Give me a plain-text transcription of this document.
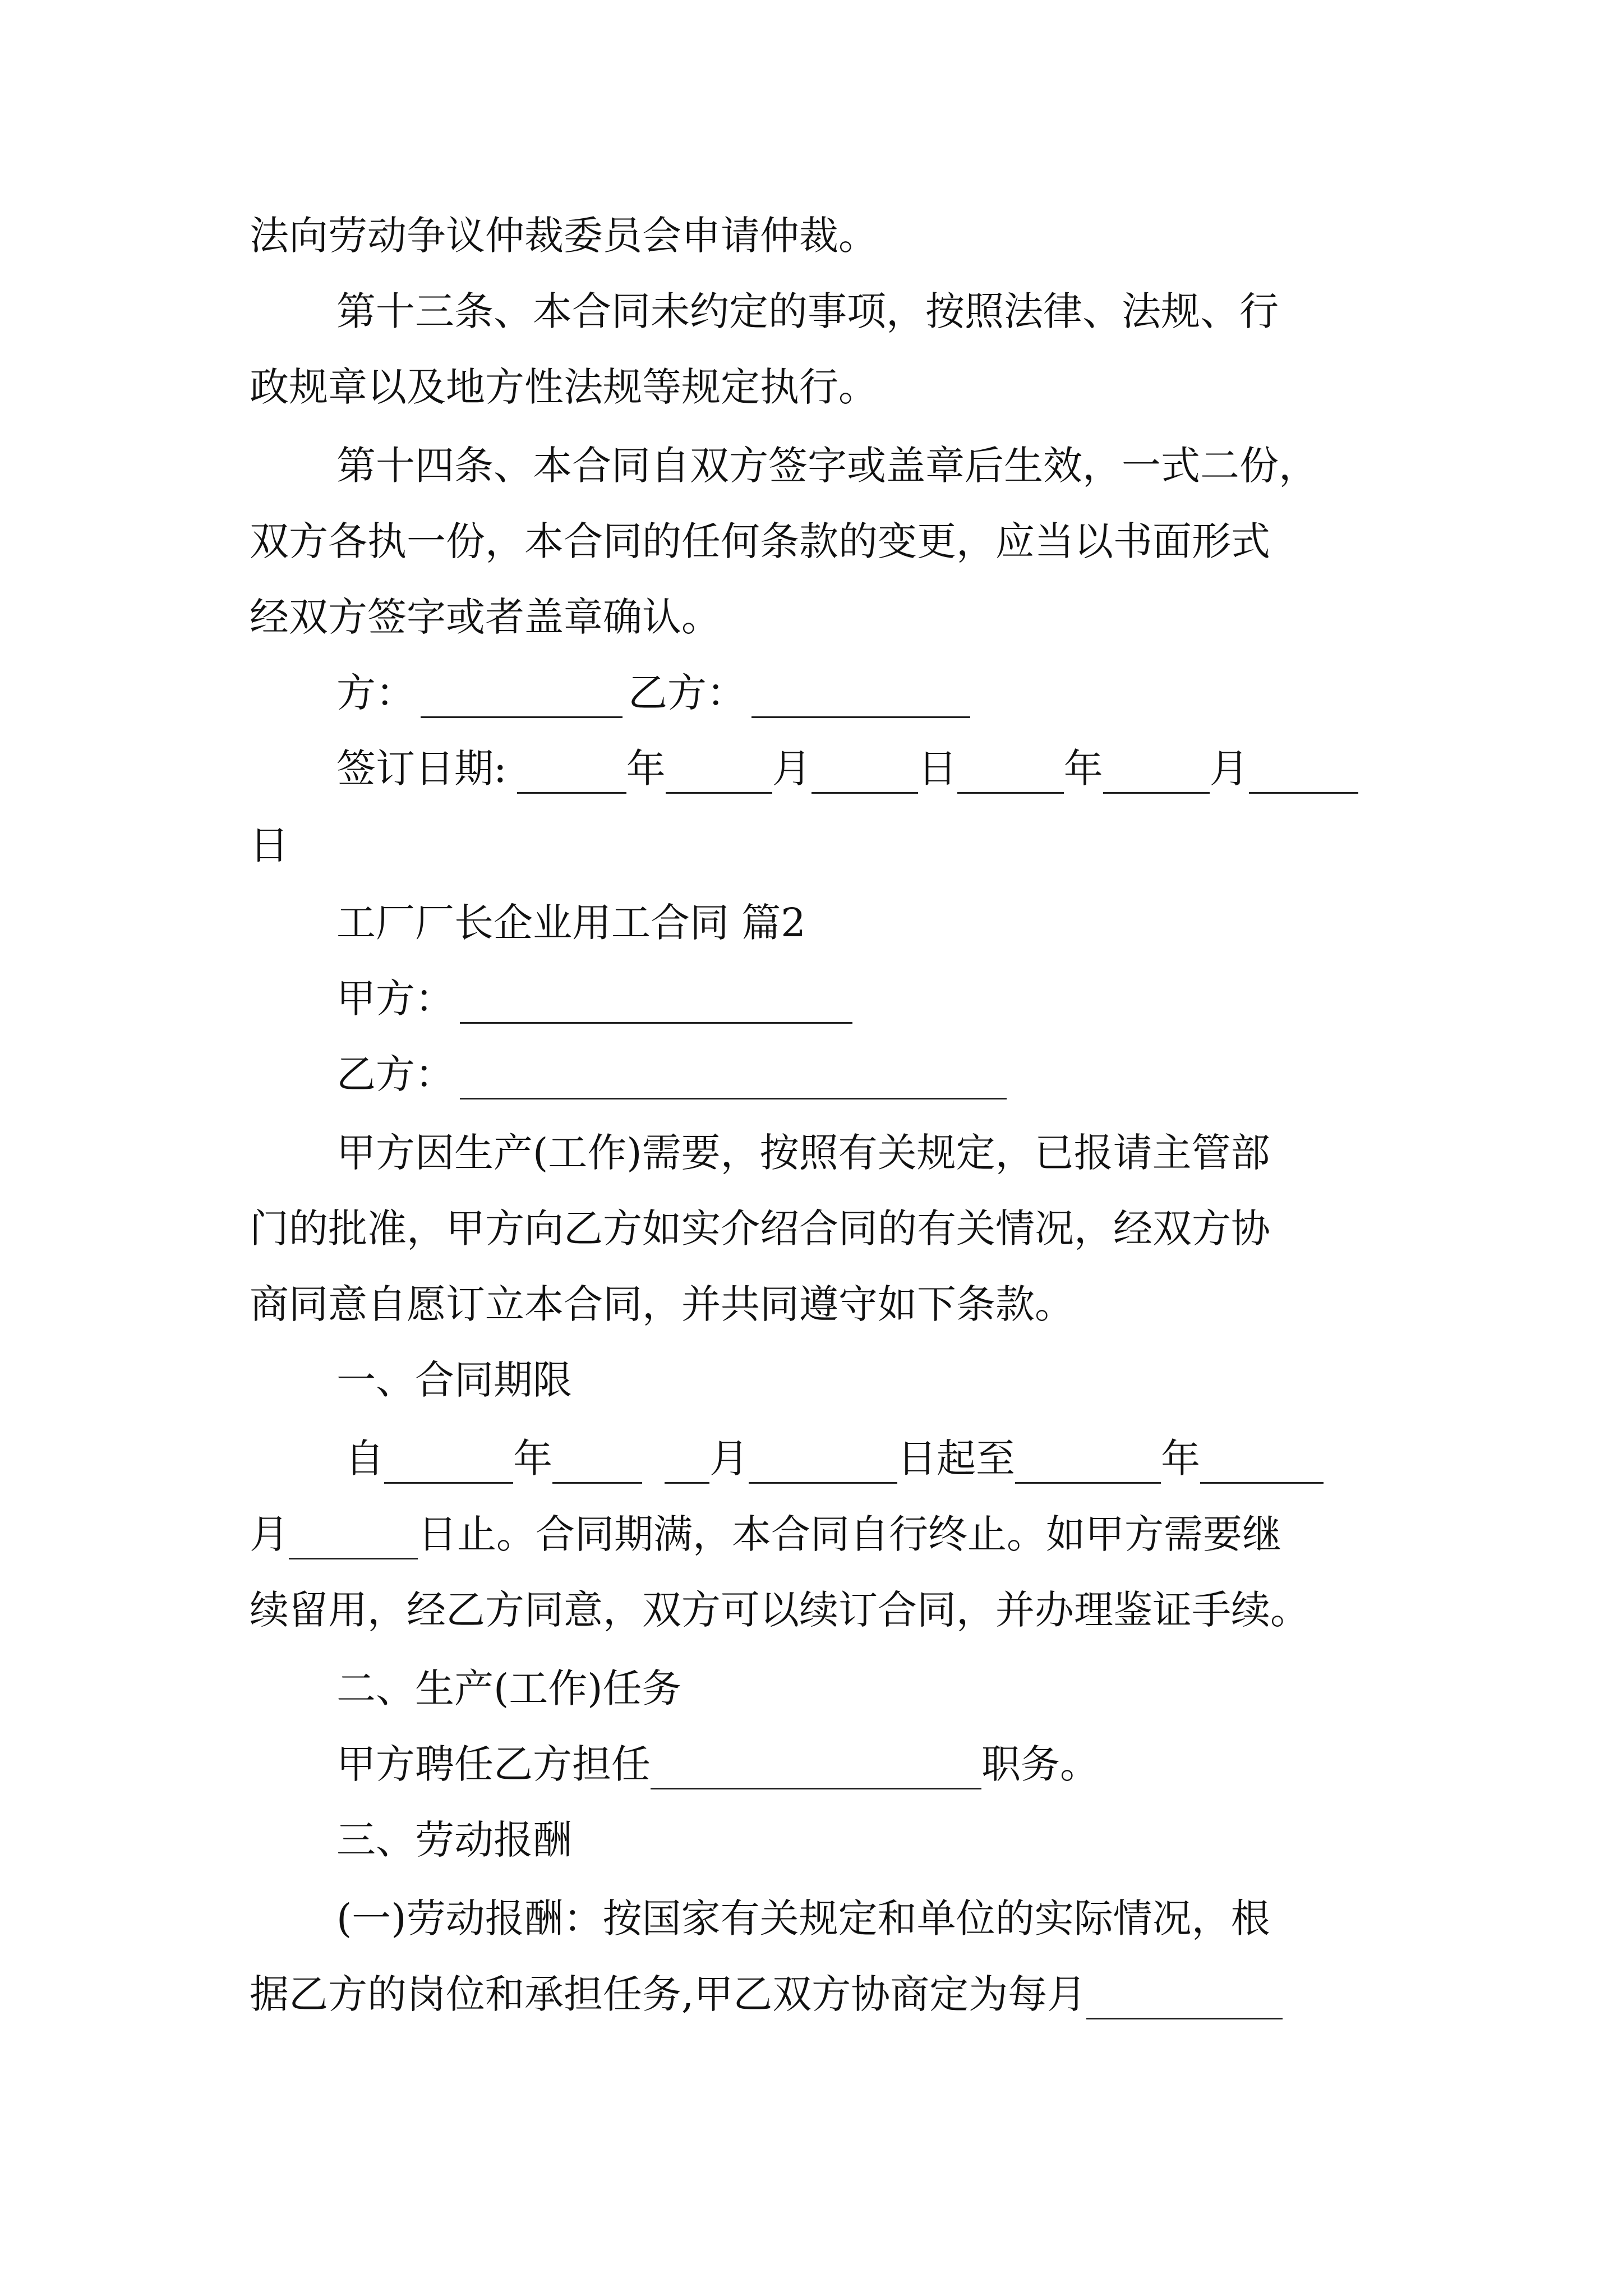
法向劳动争议仲裁委员会申请仲裁。
第十三条、本合同未约定的事项，按照法律、法规、行
政规章以及地方性法规等规定执行。
第十四条、本合同自双方签字或盖章后生效，一式二份，
双方各执一份，本合同的任何条款的变更，应当以书面形式
经双方签字或者盖章确认。
方：	乙方：
签订日期:	年	月	日	年	月
日
工厂厂长企业用工合同 篇2
甲方：
乙方：
甲方因生产(工作)需要，按照有关规定，已报请主管部
门的批准，甲方向乙方如实介绍合同的有关情况，经双方协
商同意自愿订立本合同，并共同遵守如下条款。
一、合同期限
自	年	月	日起至	年
月	日止。合同期满，本合同自行终止。如甲方需要继
续留用，经乙方同意，双方可以续订合同，并办理鉴证手续。
二、生产(工作)任务
甲方聘任乙方担任	职务。
三、劳动报酬
(一)劳动报酬：按国家有关规定和单位的实际情况，根
据乙方的岗位和承担任务,甲乙双方协商定为每月
